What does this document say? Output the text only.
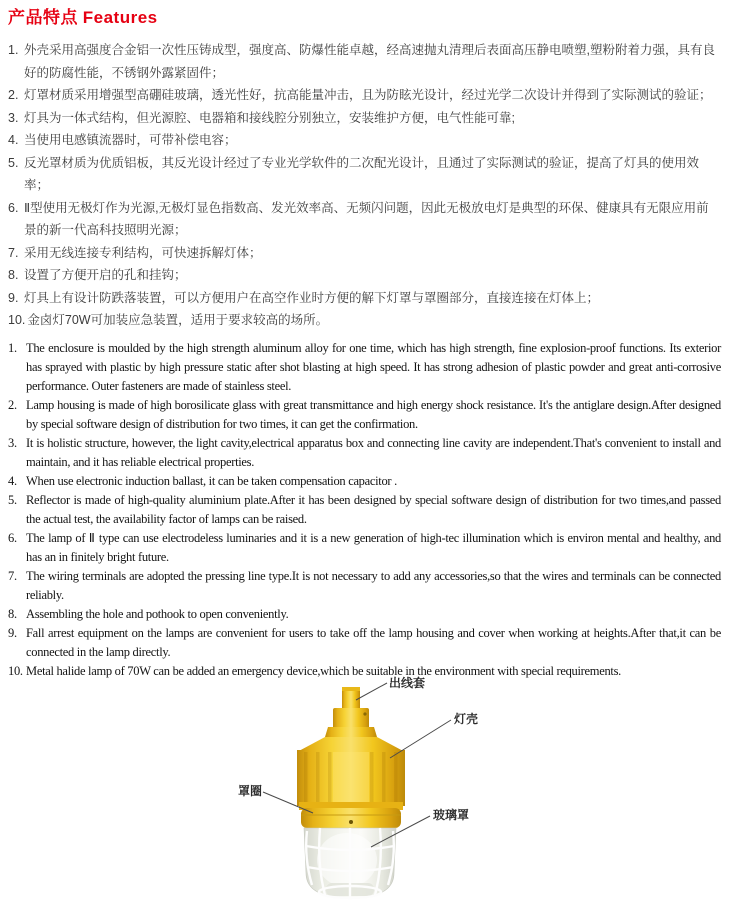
产品特点 Features
1. 外壳采用高强度合金铝一次性压铸成型，强度高、防爆性能卓越，经高速抛丸清理后表面高压静电喷塑,塑粉附着力强，具有良好的防腐性能，不锈钢外露紧固件；
2. 灯罩材质采用增强型高硼硅玻璃，透光性好，抗高能量冲击，且为防眩光设计，经过光学二次设计并得到了实际测试的验证；
3. 灯具为一体式结构，但光源腔、电器箱和接线腔分别独立，安装维护方便，电气性能可靠;
4. 当使用电感镇流器时，可带补偿电容；
5. 反光罩材质为优质铝板，其反光设计经过了专业光学软件的二次配光设计，且通过了实际测试的验证，提高了灯具的使用效率；
6. Ⅱ型使用无极灯作为光源,无极灯显色指数高、发光效率高、无频闪问题，因此无极放电灯是典型的环保、健康具有无限应用前景的新一代高科技照明光源；
7. 采用无线连接专利结构，可快速拆解灯体；
8. 设置了方便开启的孔和挂钩；
9. 灯具上有设计防跌落装置，可以方便用户在高空作业时方便的解下灯罩与罩圈部分，直接连接在灯体上；
10. 金卤灯70W可加装应急装置，适用于要求较高的场所。
1. The enclosure is moulded by the high strength aluminum alloy for one time, which has high strength, fine explosion-proof functions. Its exterior has sprayed with plastic by high pressure static after shot blasting at high speed. It has strong adhesion of plastic powder and great anti-corrosive performance. Outer fasteners are made of stainless steel.
2. Lamp housing is made of high borosilicate glass with great transmittance and high energy shock resistance. It's the antiglare design.After designed by special software design of distribution for two times, it can get the confirmation.
3. It is holistic structure, however, the light cavity,electrical apparatus box and connecting line cavity are independent.That's convenient to install and maintain, and it has reliable electrical properties.
4. When use electronic induction ballast, it can be taken compensation capacitor .
5. Reflector is made of high-quality aluminium plate.After it has been designed by special software design of distribution for two times,and passed the actual test, the availability factor of lamps can be raised.
6. The lamp of Ⅱ type can use electrodeless luminaries and it is a new generation of high-tec illumination which is environ mental and healthy, and has an in finitely bright future.
7. The wiring terminals are adopted the pressing line type.It is not necessary to add any accessories,so that the wires and terminals can be connected reliably.
8. Assembling the hole and pothook to open conveniently.
9. Fall arrest equipment on the lamps are convenient for users to take off the lamp housing and cover when working at heights.After that,it can be connected in the lamp directly.
10. Metal halide lamp of 70W can be added an emergency device,which be suitable in the environment with special requirements.
出线套
灯壳
罩圈
玻璃罩
